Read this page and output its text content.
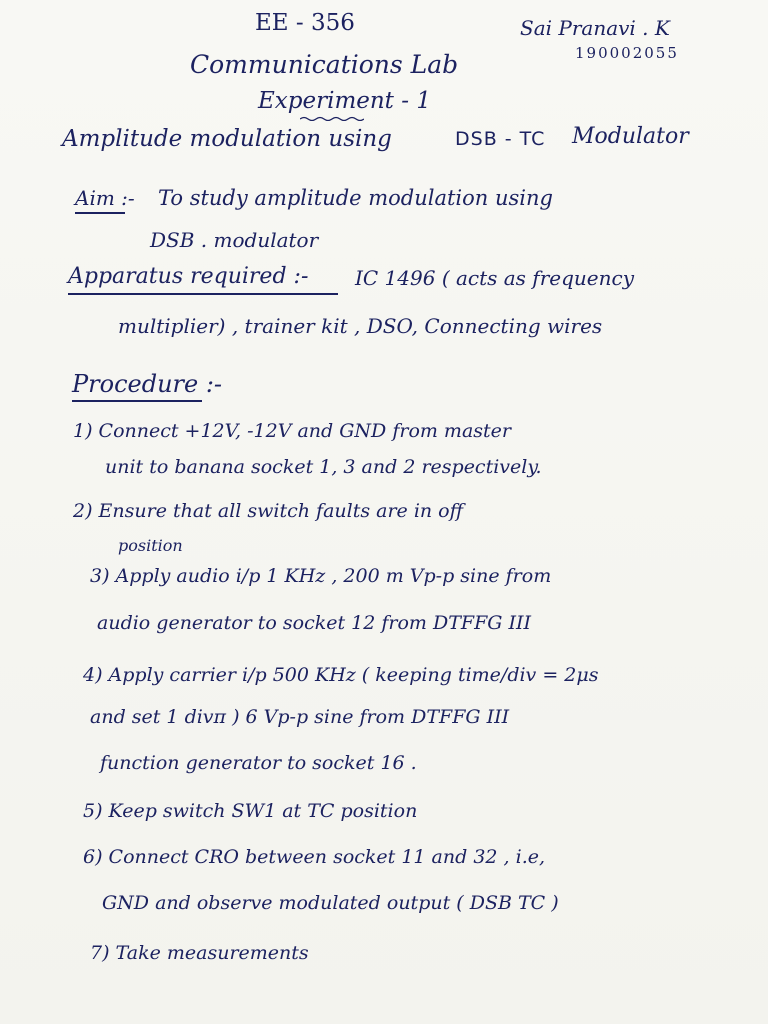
EE - 356	Sai Pranavi . K
190002055
Communications Lab
Experiment - 1
Amplitude modulation using	DSB - TC Modulator
Aim :- To study amplitude modulation using
DSB . modulator
Apparatus required :- IC 1496 ( acts as frequency
multiplier) , trainer kit , DSO, Connecting wires
Procedure :-
1) Connect +12V, -12V and GND from master
unit to banana socket 1, 3 and 2 respectively.
2) Ensure that all switch faults are in off
position
3) Apply audio i/p 1 KHz , 200 m Vp-p sine from
audio generator to socket 12 from DTFFG III
4) Apply carrier i/p 500 KHz ( keeping time/div = 2μs
and set 1 divπ ) 6 Vp-p sine from DTFFG III
function generator to socket 16 .
5) Keep switch SW1 at TC position
6) Connect CRO between socket 11 and 32 , i.e,
GND and observe modulated output ( DSB TC )
7) Take measurements
